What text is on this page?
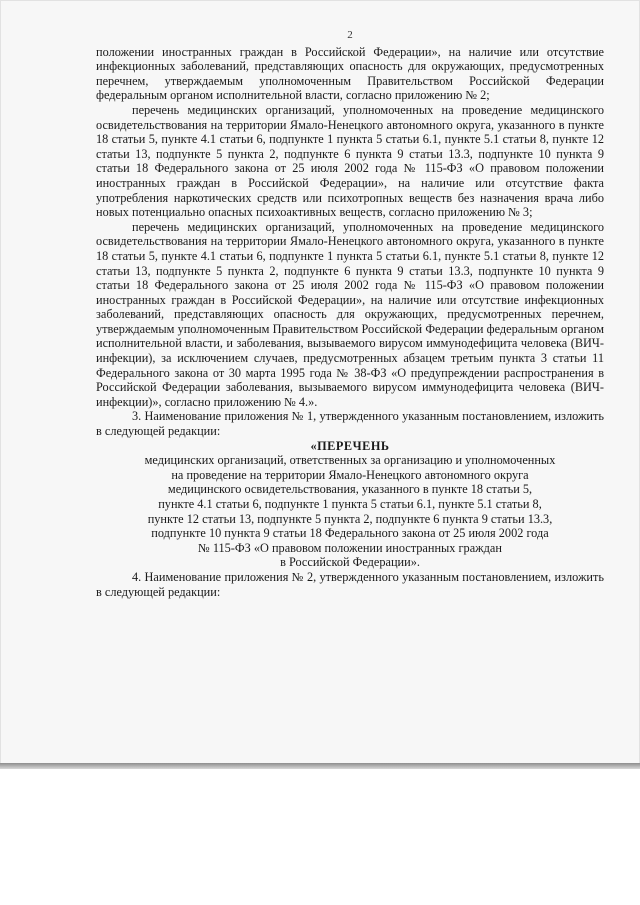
2

положении иностранных граждан в Российской Федерации», на наличие или отсутствие инфекционных заболеваний, представляющих опасность для окружающих, предусмотренных перечнем, утверждаемым уполномоченным Правительством Российской Федерации федеральным органом исполнительной власти, согласно приложению № 2;

перечень медицинских организаций, уполномоченных на проведение медицинского освидетельствования на территории Ямало-Ненецкого автономного округа, указанного в пункте 18 статьи 5, пункте 4.1 статьи 6, подпункте 1 пункта 5 статьи 6.1, пункте 5.1 статьи 8, пункте 12 статьи 13, подпункте 5 пункта 2, подпункте 6 пункта 9 статьи 13.3, подпункте 10 пункта 9 статьи 18 Федерального закона от 25 июля 2002 года № 115-ФЗ «О правовом положении иностранных граждан в Российской Федерации», на наличие или отсутствие факта употребления наркотических средств или психотропных веществ без назначения врача либо новых потенциально опасных психоактивных веществ, согласно приложению № 3;

перечень медицинских организаций, уполномоченных на проведение медицинского освидетельствования на территории Ямало-Ненецкого автономного округа, указанного в пункте 18 статьи 5, пункте 4.1 статьи 6, подпункте 1 пункта 5 статьи 6.1, пункте 5.1 статьи 8, пункте 12 статьи 13, подпункте 5 пункта 2, подпункте 6 пункта 9 статьи 13.3, подпункте 10 пункта 9 статьи 18 Федерального закона от 25 июля 2002 года № 115-ФЗ «О правовом положении иностранных граждан в Российской Федерации», на наличие или отсутствие инфекционных заболеваний, представляющих опасность для окружающих, предусмотренных перечнем, утверждаемым уполномоченным Правительством Российской Федерации федеральным органом исполнительной власти, и заболевания, вызываемого вирусом иммунодефицита человека (ВИЧ-инфекции), за исключением случаев, предусмотренных абзацем третьим пункта 3 статьи 11 Федерального закона от 30 марта 1995 года № 38-ФЗ «О предупреждении распространения в Российской Федерации заболевания, вызываемого вирусом иммунодефицита человека (ВИЧ-инфекции)», согласно приложению № 4.».

3. Наименование приложения № 1, утвержденного указанным постановлением, изложить в следующей редакции:

«ПЕРЕЧЕНЬ

медицинских организаций, ответственных за организацию и уполномоченных

на проведение на территории Ямало-Ненецкого автономного округа

медицинского освидетельствования, указанного в пункте 18 статьи 5,

пункте 4.1 статьи 6, подпункте 1 пункта 5 статьи 6.1, пункте 5.1 статьи 8,

пункте 12 статьи 13, подпункте 5 пункта 2, подпункте 6 пункта 9 статьи 13.3,

подпункте 10 пункта 9 статьи 18 Федерального закона от 25 июля 2002 года

№ 115-ФЗ «О правовом положении иностранных граждан

в Российской Федерации».

4. Наименование приложения № 2, утвержденного указанным постановлением, изложить в следующей редакции:
